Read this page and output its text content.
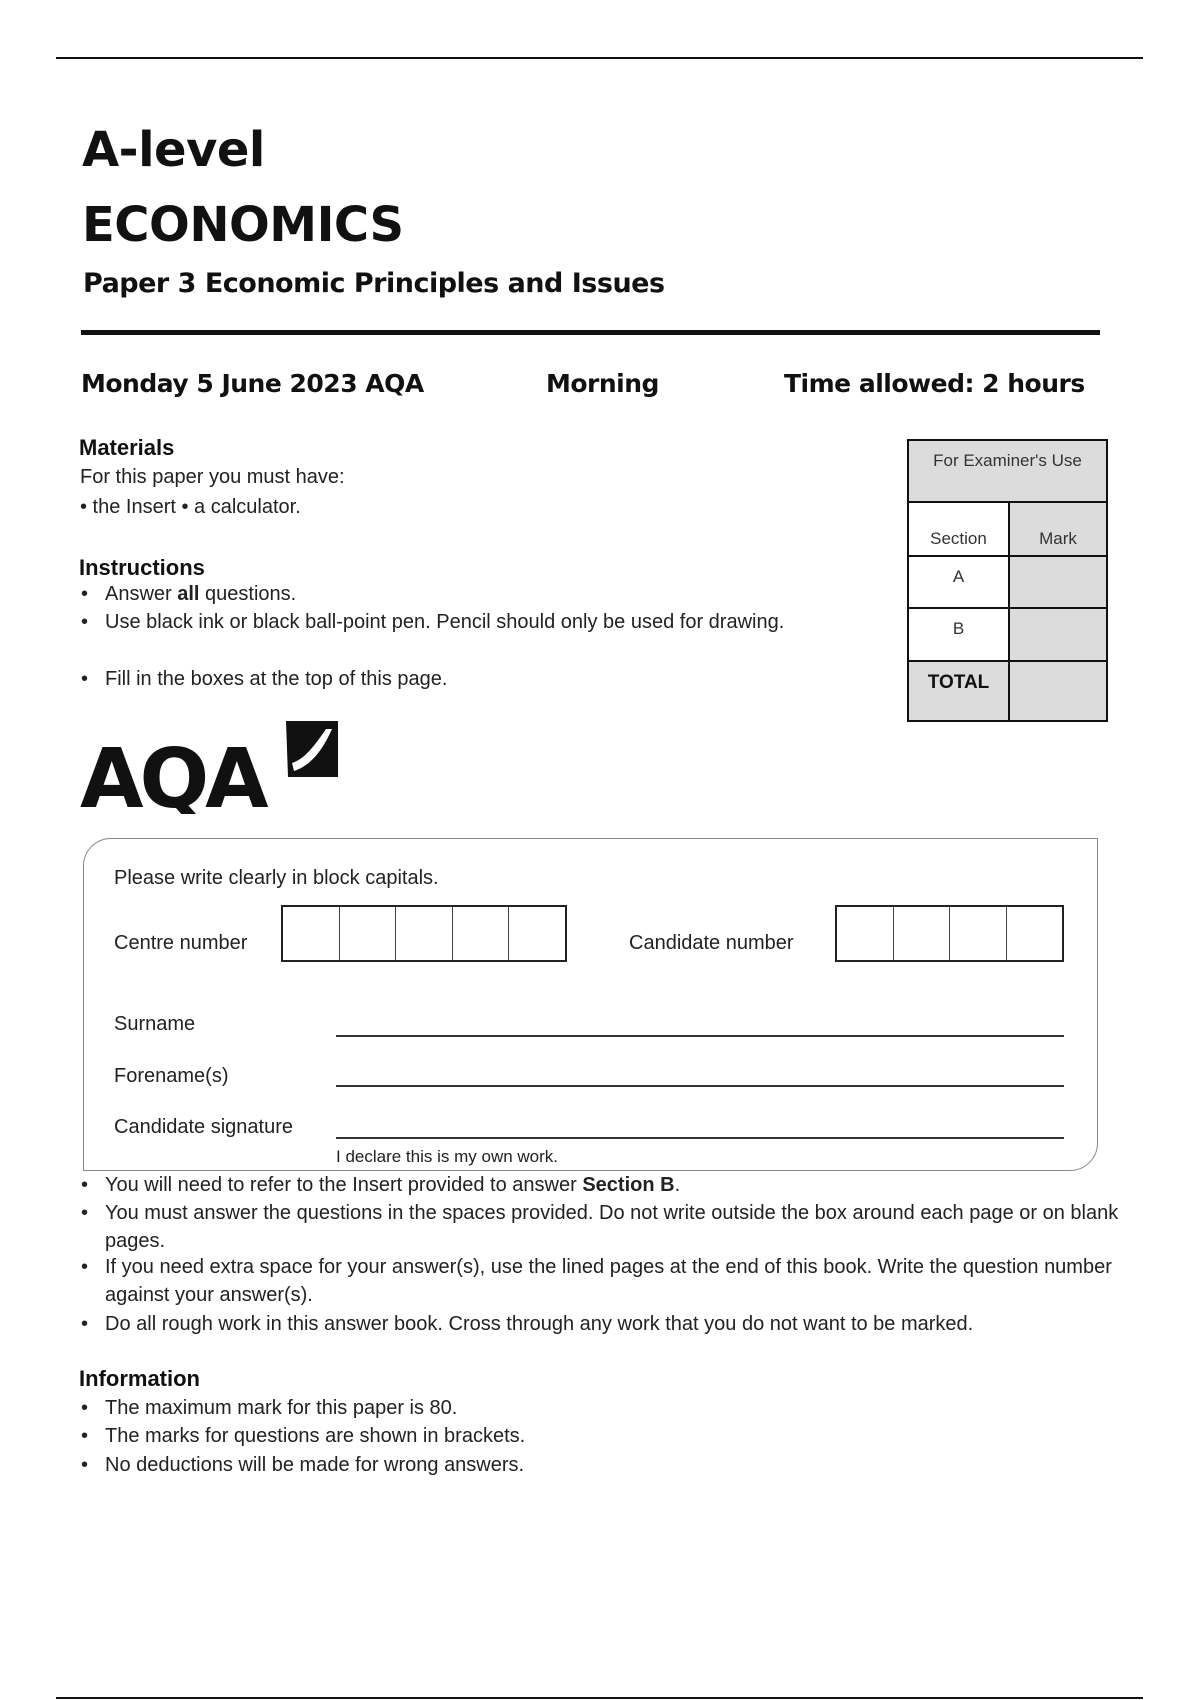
A-level
ECONOMICS
Paper 3 Economic Principles and Issues
Monday 5 June 2023 AQA	Morning	Time allowed: 2 hours
Materials
For this paper you must have:
• the Insert • a calculator.
Instructions
• Answer all questions.
• Use black ink or black ball-point pen. Pencil should only be used for drawing.
• Fill in the boxes at the top of this page.
For Examiner's Use	
Section	Mark
A	
B	
TOTAL	
AQA
Please write clearly in block capitals.
Centre number	Candidate number
Surname
Forename(s)
Candidate signature
I declare this is my own work.
• You will need to refer to the Insert provided to answer Section B.
• You must answer the questions in the spaces provided. Do not write outside the box around each page or on blank pages.
• If you need extra space for your answer(s), use the lined pages at the end of this book. Write the question number against your answer(s).
• Do all rough work in this answer book. Cross through any work that you do not want to be marked.
Information
• The maximum mark for this paper is 80.
• The marks for questions are shown in brackets.
• No deductions will be made for wrong answers.
